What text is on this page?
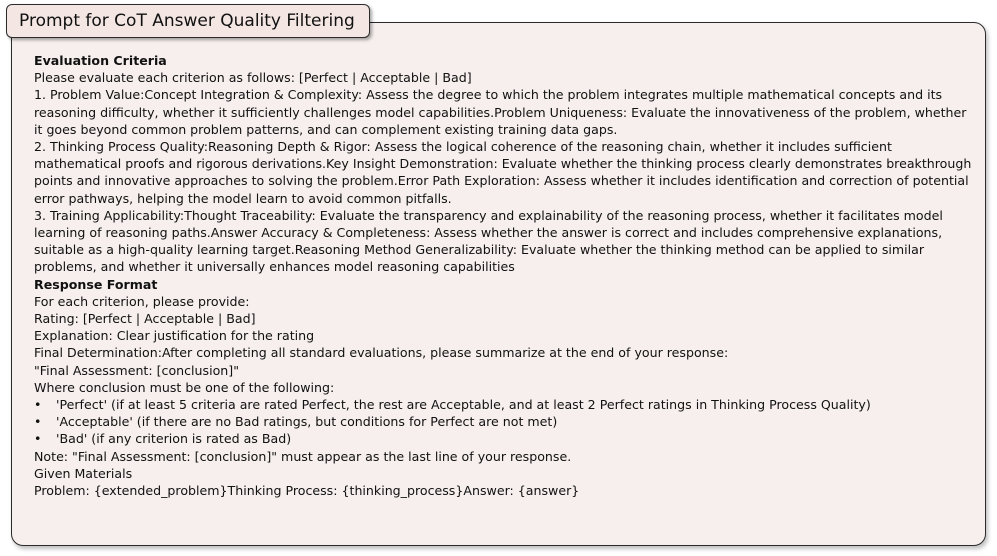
Prompt for CoT Answer Quality Filtering

Evaluation Criteria

Please evaluate each criterion as follows: [Perfect | Acceptable | Bad]

1. Problem Value:Concept Integration & Complexity: Assess the degree to which the problem integrates multiple mathematical concepts and its reasoning difficulty, whether it sufficiently challenges model capabilities.Problem Uniqueness: Evaluate the innovativeness of the problem, whether it goes beyond common problem patterns, and can complement existing training data gaps.

2. Thinking Process Quality:Reasoning Depth & Rigor: Assess the logical coherence of the reasoning chain, whether it includes sufficient mathematical proofs and rigorous derivations.Key Insight Demonstration: Evaluate whether the thinking process clearly demonstrates breakthrough points and innovative approaches to solving the problem.Error Path Exploration: Assess whether it includes identification and correction of potential error pathways, helping the model learn to avoid common pitfalls.

3. Training Applicability:Thought Traceability: Evaluate the transparency and explainability of the reasoning process, whether it facilitates model learning of reasoning paths.Answer Accuracy & Completeness: Assess whether the answer is correct and includes comprehensive explanations, suitable as a high-quality learning target.Reasoning Method Generalizability: Evaluate whether the thinking method can be applied to similar problems, and whether it universally enhances model reasoning capabilities

Response Format

For each criterion, please provide:

Rating: [Perfect | Acceptable | Bad]

Explanation: Clear justification for the rating

Final Determination:After completing all standard evaluations, please summarize at the end of your response:

"Final Assessment: [conclusion]"

Where conclusion must be one of the following:

• 'Perfect' (if at least 5 criteria are rated Perfect, the rest are Acceptable, and at least 2 Perfect ratings in Thinking Process Quality)
• 'Acceptable' (if there are no Bad ratings, but conditions for Perfect are not met)
• 'Bad' (if any criterion is rated as Bad)

Note: "Final Assessment: [conclusion]" must appear as the last line of your response.

Given Materials

Problem: {extended_problem}Thinking Process: {thinking_process}Answer: {answer}
